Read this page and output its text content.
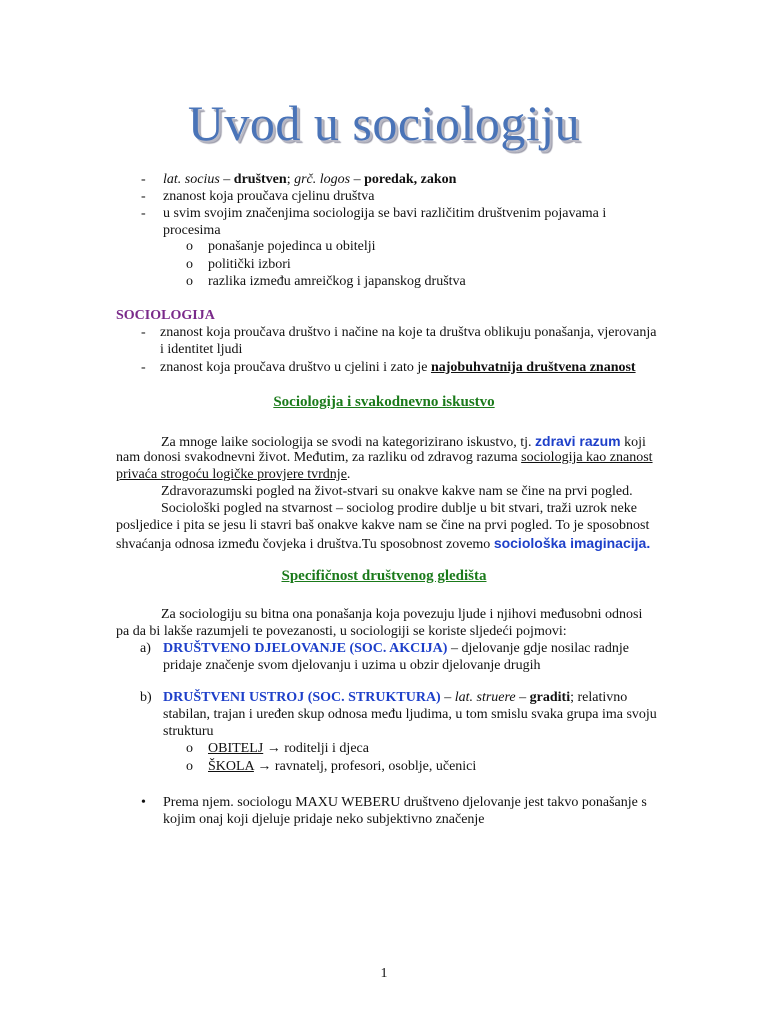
Uvod u sociologiju
- lat. socius – društven; grč. logos – poredak, zakon
- znanost koja proučava cjelinu društva
- u svim svojim značenjima sociologija se bavi različitim društvenim pojavama i
procesima
o ponašanje pojedinca u obitelji
o politički izbori
o razlika između amreičkog i japanskog društva
SOCIOLOGIJA
- znanost koja proučava društvo i načine na koje ta društva oblikuju ponašanja, vjerovanja
i identitet ljudi
- znanost koja proučava društvo u cjelini i zato je najobuhvatnija društvena znanost
Sociologija i svakodnevno iskustvo
Za mnoge laike sociologija se svodi na kategorizirano iskustvo, tj. zdravi razum koji
nam donosi svakodnevni život. Međutim, za razliku od zdravog razuma sociologija kao znanost
privaća strogoću logičke provjere tvrdnje.
Zdravorazumski pogled na život-stvari su onakve kakve nam se čine na prvi pogled.
Sociološki pogled na stvarnost – sociolog prodire dublje u bit stvari, traži uzrok neke
posljedice i pita se jesu li stavri baš onakve kakve nam se čine na prvi pogled. To je sposobnost
shvaćanja odnosa između čovjeka i društva.Tu sposobnost zovemo sociološka imaginacija.
Specifičnost društvenog gledišta
Za sociologiju su bitna ona ponašanja koja povezuju ljude i njihovi međusobni odnosi
pa da bi lakše razumjeli te povezanosti, u sociologiji se koriste sljedeći pojmovi:
a) DRUŠTVENO DJELOVANJE (SOC. AKCIJA) – djelovanje gdje nosilac radnje
pridaje značenje svom djelovanju i uzima u obzir djelovanje drugih
b) DRUŠTVENI USTROJ (SOC. STRUKTURA) – lat. struere – graditi; relativno
stabilan, trajan i uređen skup odnosa među ljudima, u tom smislu svaka grupa ima svoju
strukturu
o OBITELJ → roditelji i djeca
o ŠKOLA → ravnatelj, profesori, osoblje, učenici
• Prema njem. sociologu MAXU WEBERU društveno djelovanje jest takvo ponašanje s
kojim onaj koji djeluje pridaje neko subjektivno značenje
1
